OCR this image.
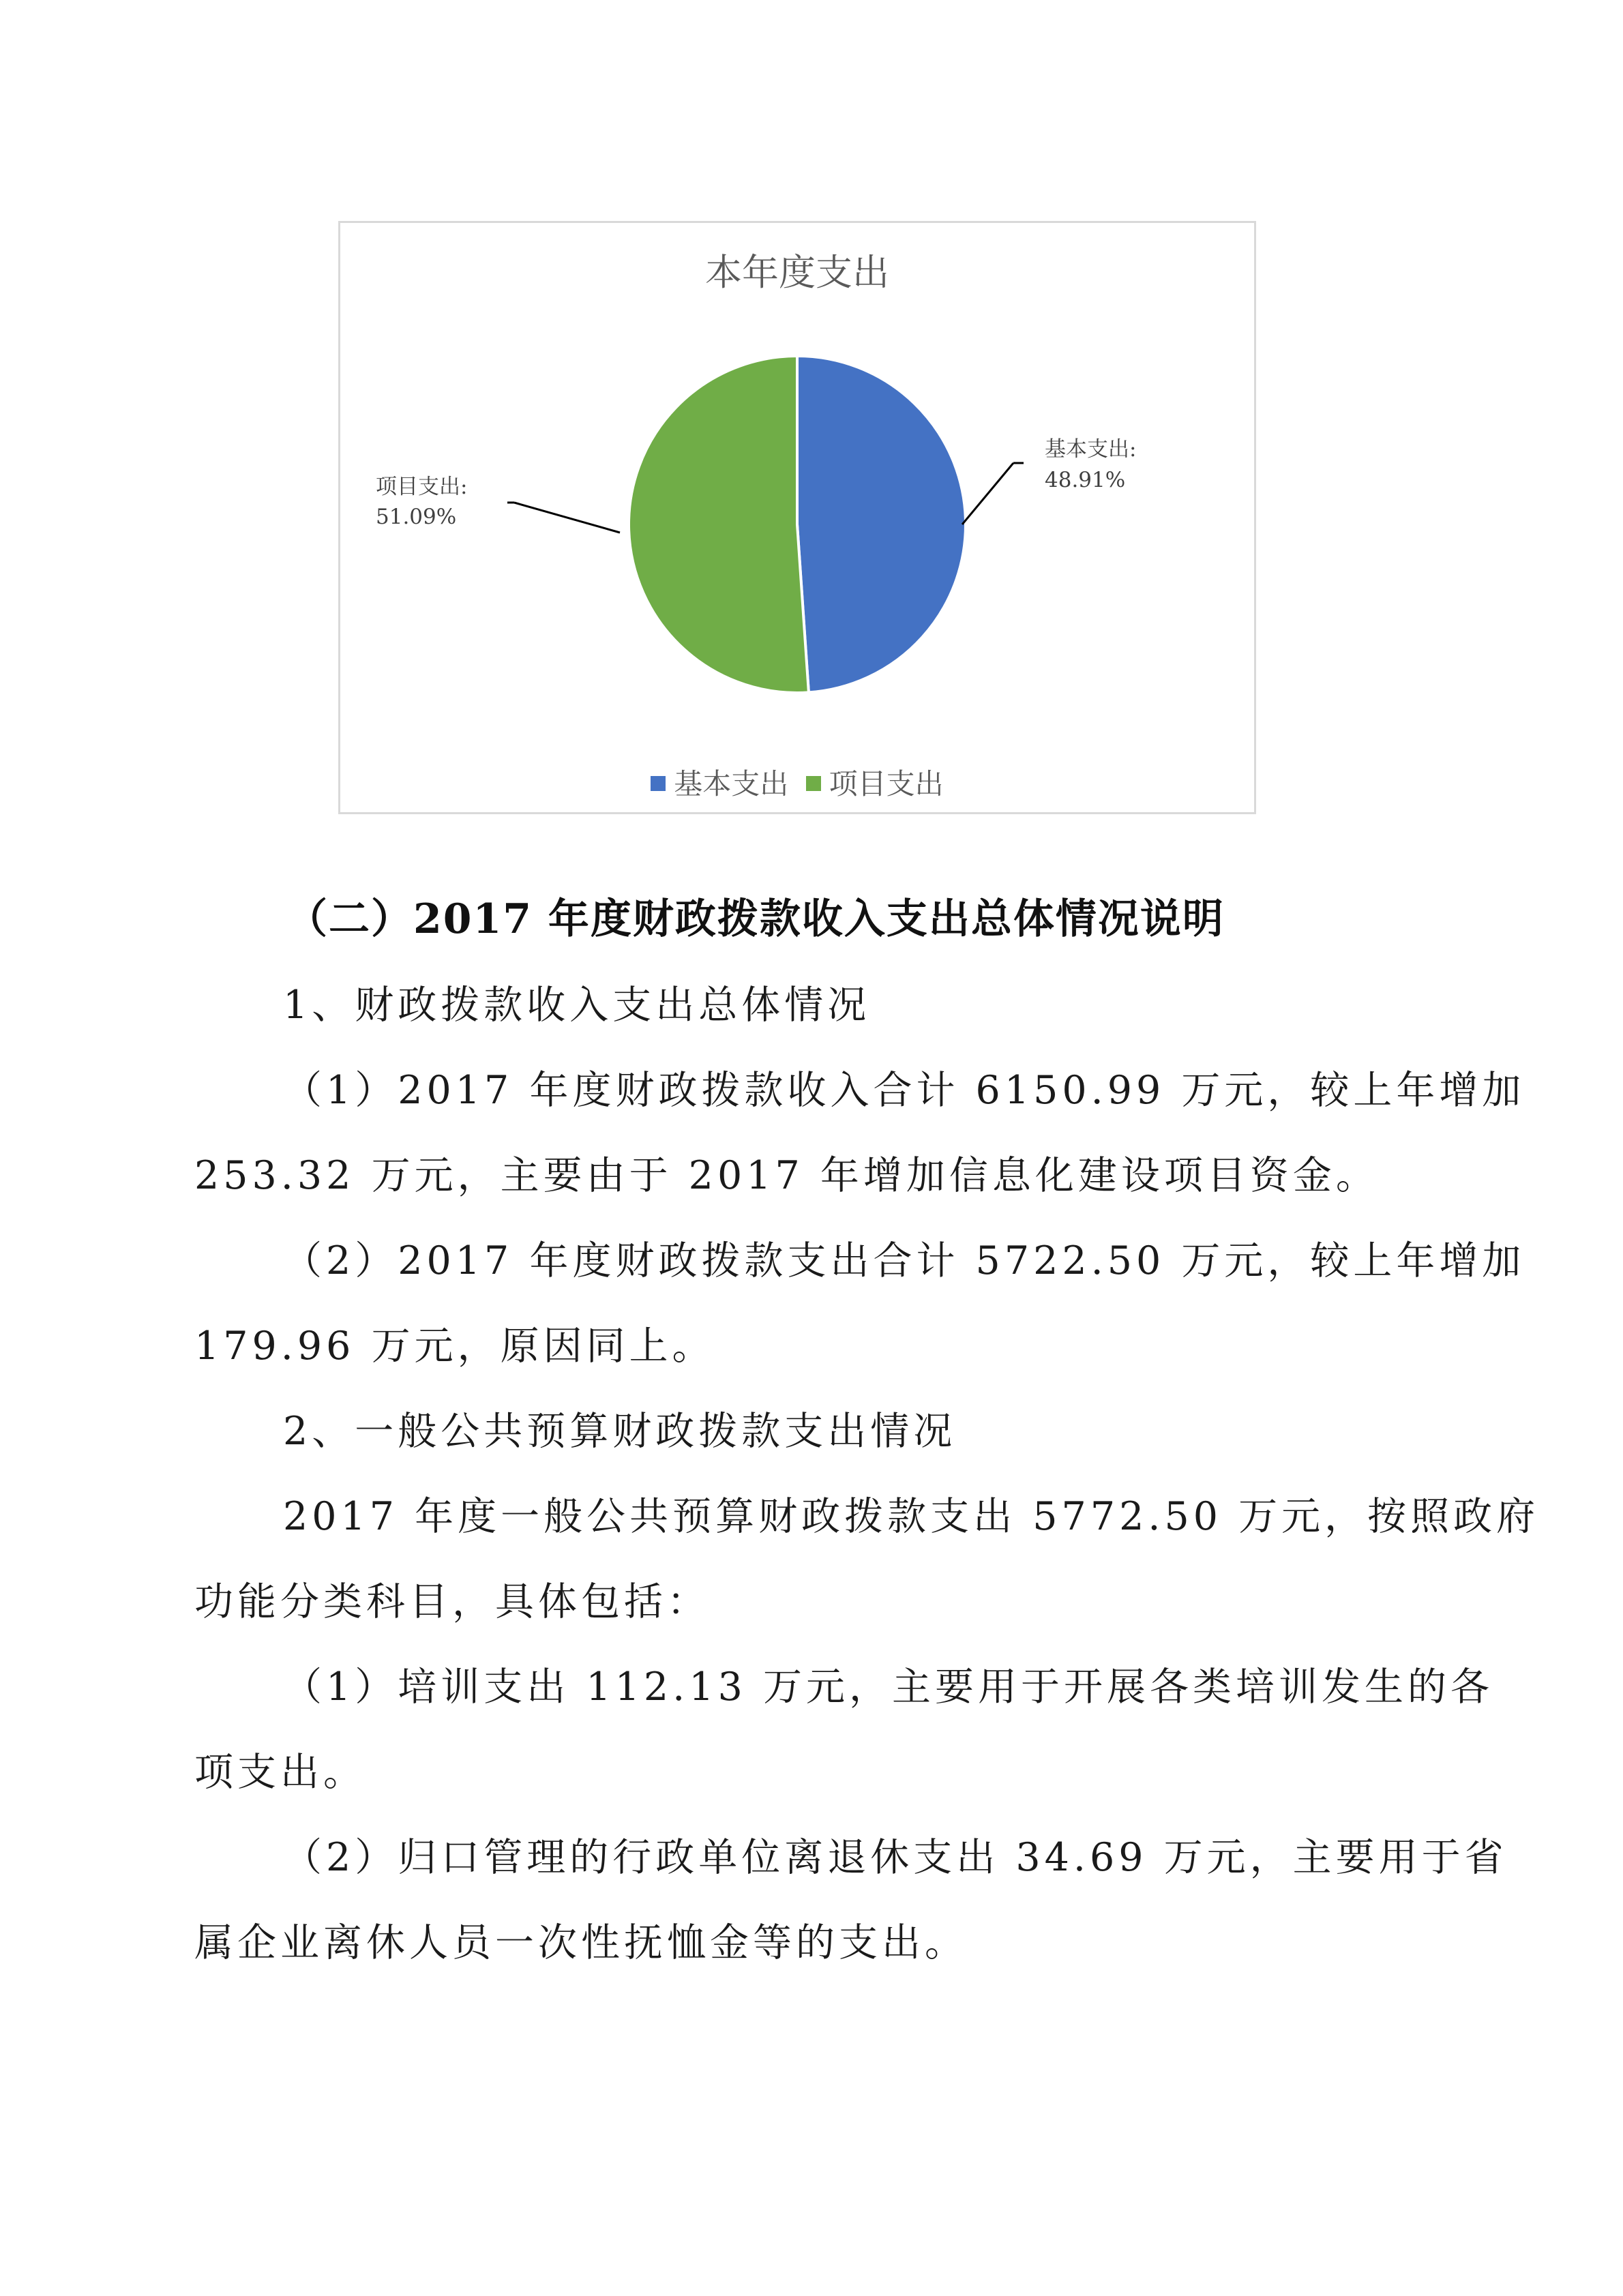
本年度支出
基本支出:
48.91%
项目支出:
51.09%
基本支出 项目支出
（二）2017 年度财政拨款收入支出总体情况说明
1、财政拨款收入支出总体情况
（1）2017 年度财政拨款收入合计 6150.99 万元，较上年增加
253.32 万元，主要由于 2017 年增加信息化建设项目资金。
（2）2017 年度财政拨款支出合计 5722.50 万元，较上年增加
179.96 万元，原因同上。
2、一般公共预算财政拨款支出情况
2017 年度一般公共预算财政拨款支出 5772.50 万元，按照政府
功能分类科目，具体包括：
（1）培训支出 112.13 万元，主要用于开展各类培训发生的各
项支出。
（2）归口管理的行政单位离退休支出 34.69 万元，主要用于省
属企业离休人员一次性抚恤金等的支出。
